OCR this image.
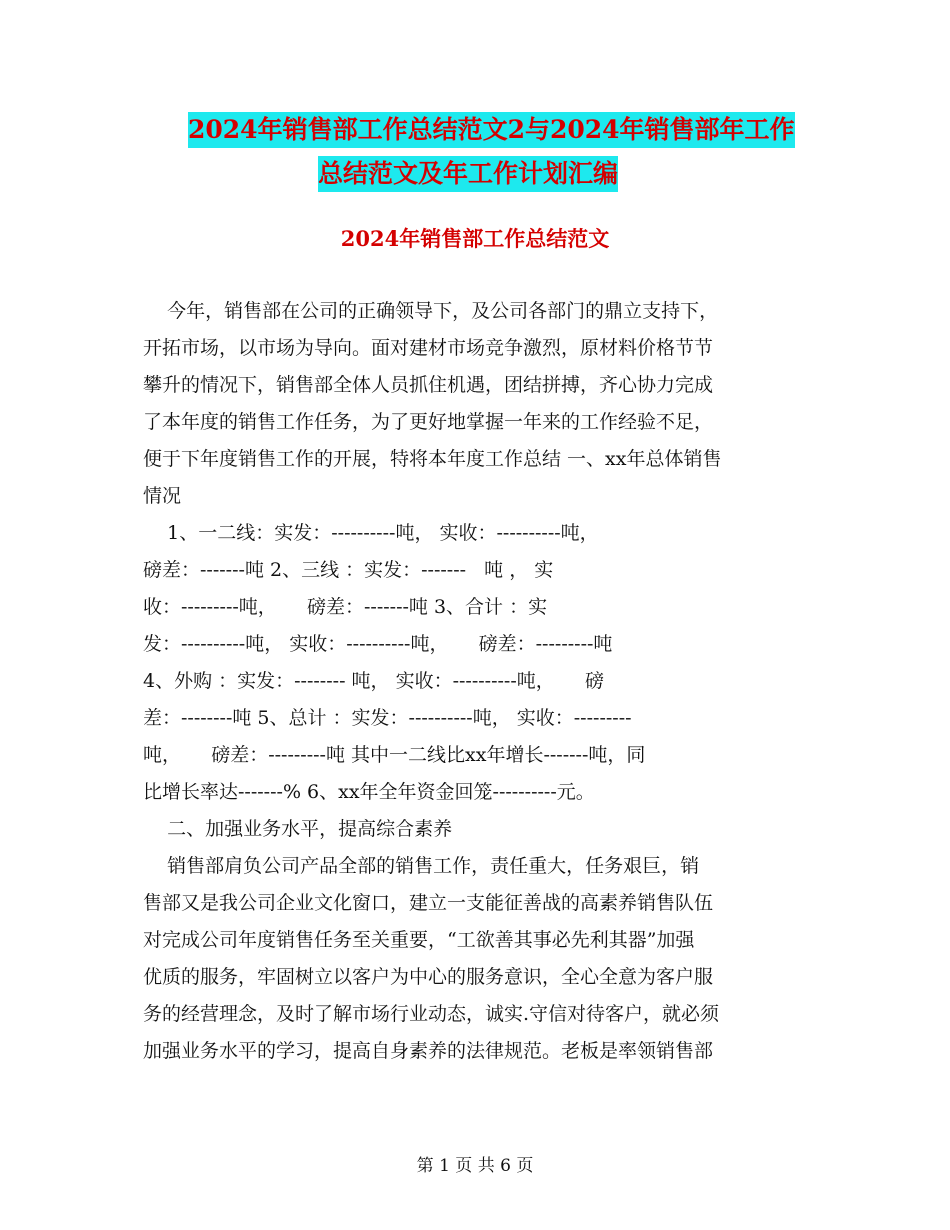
2024年销售部工作总结范文2与2024年销售部年工作
总结范文及年工作计划汇编
2024年销售部工作总结范文
今年，销售部在公司的正确领导下，及公司各部门的鼎立支持下，
开拓市场，以市场为导向。面对建材市场竞争激烈，原材料价格节节
攀升的情况下，销售部全体人员抓住机遇，团结拼搏，齐心协力完成
了本年度的销售工作任务，为了更好地掌握一年来的工作经验不足，
便于下年度销售工作的开展，特将本年度工作总结 一、xx年总体销售
情况
1、一二线：实发：----------吨， 实收：----------吨，
磅差：-------吨 2、三线 ：实发：-------   吨 ， 实
收：---------吨，     磅差：-------吨 3、合计 ：实
发：----------吨， 实收：----------吨，     磅差：---------吨
4、外购 ：实发：-------- 吨， 实收：----------吨，     磅
差：--------吨 5、总计 ：实发：----------吨， 实收：---------
吨，     磅差：---------吨 其中一二线比xx年增长-------吨，同
比增长率达-------% 6、xx年全年资金回笼----------元。
二、加强业务水平，提高综合素养
销售部肩负公司产品全部的销售工作，责任重大，任务艰巨，销
售部又是我公司企业文化窗口，建立一支能征善战的高素养销售队伍
对完成公司年度销售任务至关重要，“工欲善其事必先利其器”加强
优质的服务，牢固树立以客户为中心的服务意识，全心全意为客户服
务的经营理念，及时了解市场行业动态，诚实.守信对待客户，就必须
加强业务水平的学习，提高自身素养的法律规范。老板是率领销售部
第 1 页 共 6 页
